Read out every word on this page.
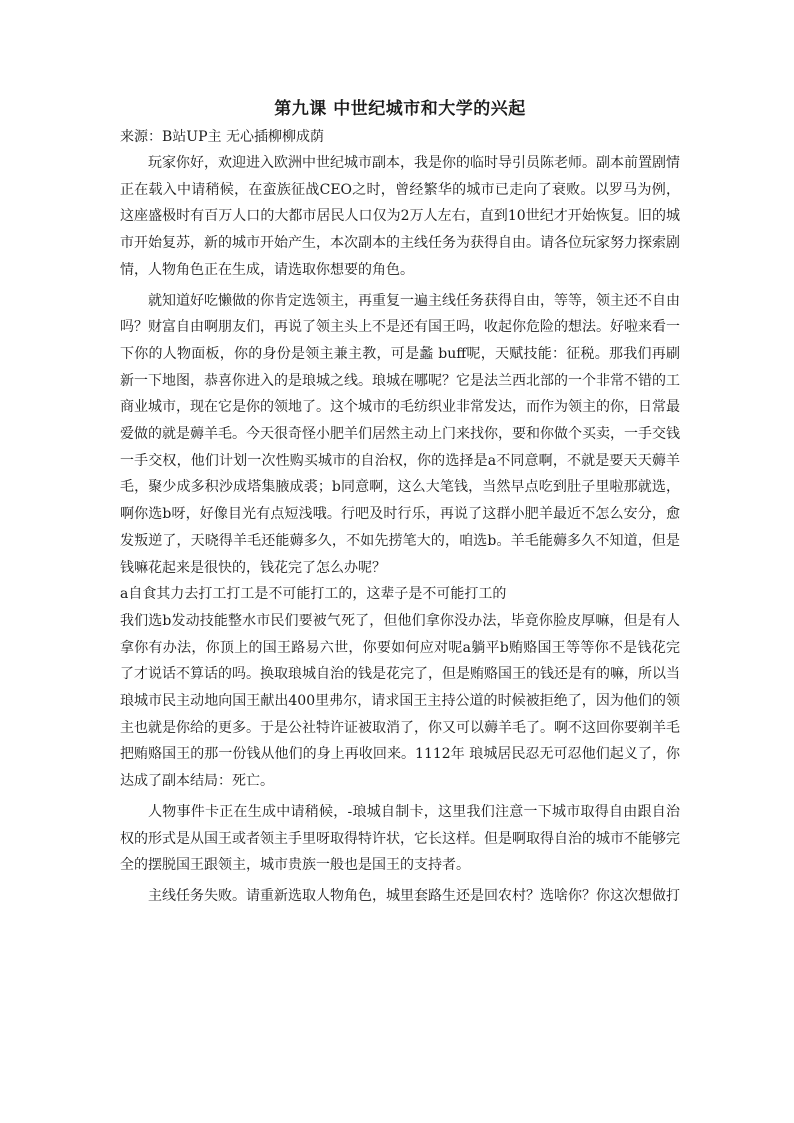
第九课 中世纪城市和大学的兴起

来源：B站UP主 无心插柳柳成荫

玩家你好，欢迎进入欧洲中世纪城市副本，我是你的临时导引员陈老师。副本前置剧情正在载入中请稍候，在蛮族征战CEO之时，曾经繁华的城市已走向了衰败。以罗马为例，这座盛极时有百万人口的大都市居民人口仅为2万人左右，直到10世纪才开始恢复。旧的城市开始复苏，新的城市开始产生，本次副本的主线任务为获得自由。请各位玩家努力探索剧情，人物角色正在生成，请选取你想要的角色。

就知道好吃懒做的你肯定选领主，再重复一遍主线任务获得自由，等等，领主还不自由吗？财富自由啊朋友们，再说了领主头上不是还有国王吗，收起你危险的想法。好啦来看一下你的人物面板，你的身份是领主兼主教，可是蠡 buff呢，天赋技能：征税。那我们再刷新一下地图，恭喜你进入的是琅城之线。琅城在哪呢？它是法兰西北部的一个非常不错的工商业城市，现在它是你的领地了。这个城市的毛纺织业非常发达，而作为领主的你，日常最爱做的就是薅羊毛。今天很奇怪小肥羊们居然主动上门来找你，要和你做个买卖，一手交钱一手交权，他们计划一次性购买城市的自治权，你的选择是a不同意啊，不就是要天天薅羊毛，聚少成多积沙成塔集腋成裘；b同意啊，这么大笔钱，当然早点吃到肚子里啦那就选，啊你选b呀，好像目光有点短浅哦。行吧及时行乐，再说了这群小肥羊最近不怎么安分，愈发叛逆了，天晓得羊毛还能薅多久，不如先捞笔大的，咱选b。羊毛能薅多久不知道，但是钱嘛花起来是很快的，钱花完了怎么办呢？

a自食其力去打工打工是不可能打工的，这辈子是不可能打工的

我们选b发动技能整水市民们要被气死了，但他们拿你没办法，毕竟你脸皮厚嘛，但是有人拿你有办法，你顶上的国王路易六世，你要如何应对呢a躺平b贿赂国王等等你不是钱花完了才说话不算话的吗。换取琅城自治的钱是花完了，但是贿赂国王的钱还是有的嘛，所以当琅城市民主动地向国王献出400里弗尔，请求国王主持公道的时候被拒绝了，因为他们的领主也就是你给的更多。于是公社特许证被取消了，你又可以薅羊毛了。啊不这回你要剃羊毛把贿赂国王的那一份钱从他们的身上再收回来。1112年 琅城居民忍无可忍他们起义了，你达成了副本结局：死亡。

人物事件卡正在生成中请稍候，-琅城自制卡，这里我们注意一下城市取得自由跟自治权的形式是从国王或者领主手里呀取得特许状，它长这样。但是啊取得自治的城市不能够完全的摆脱国王跟领主，城市贵族一般也是国王的支持者。

主线任务失败。请重新选取人物角色，城里套路生还是回农村？选啥你？你这次想做打
